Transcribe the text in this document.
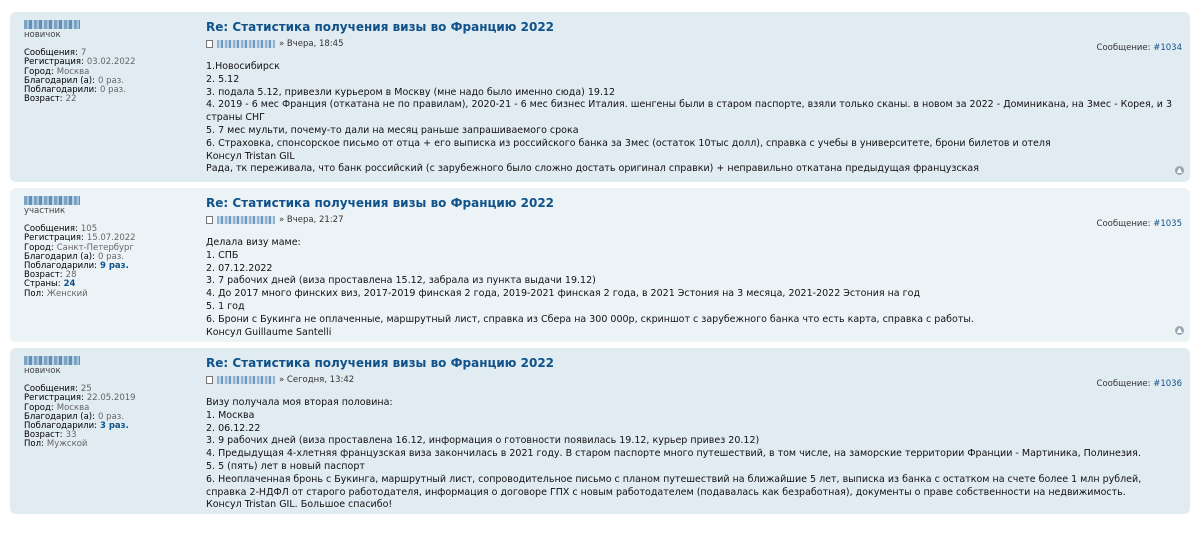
новичок
Сообщения: 7
Регистрация: 03.02.2022
Город: Москва
Благодарил (а): 0 раз.
Поблагодарили: 0 раз.
Возраст: 22
Re: Статистика получения визы во Францию 2022
» Вчера, 18:45	Сообщение: #1034
1.Новосибирск
2. 5.12
3. подала 5.12, привезли курьером в Москву (мне надо было именно сюда) 19.12
4. 2019 - 6 мес Франция (откатана не по правилам), 2020-21 - 6 мес бизнес Италия. шенгены были в старом паспорте, взяли только сканы. в новом за 2022 - Доминикана, на 3мес - Корея, и 3 страны СНГ
5. 7 мес мульти, почему-то дали на месяц раньше запрашиваемого срока
6. Страховка, спонсорское письмо от отца + его выписка из российского банка за 3мес (остаток 10тыс долл), справка с учебы в университете, брони билетов и отеля
Консул Tristan GIL
Рада, тк переживала, что банк российский (с зарубежного было сложно достать оригинал справки) + неправильно откатана предыдущая французская	▲
участник
Сообщения: 105
Регистрация: 15.07.2022
Город: Санкт-Петербург
Благодарил (а): 0 раз.
Поблагодарили: 9 раз.
Возраст: 28
Страны: 24
Пол: Женский
Re: Статистика получения визы во Францию 2022
» Вчера, 21:27	Сообщение: #1035
Делала визу маме:
1. СПБ
2. 07.12.2022
3. 7 рабочих дней (виза проставлена 15.12, забрала из пункта выдачи 19.12)
4. До 2017 много финских виз, 2017-2019 финская 2 года, 2019-2021 финская 2 года, в 2021 Эстония на 3 месяца, 2021-2022 Эстония на год
5. 1 год
6. Брони с Букинга не оплаченные, маршрутный лист, справка из Сбера на 300 000р, скриншот с зарубежного банка что есть карта, справка с работы.
Консул Guillaume Santelli	▲
новичок
Сообщения: 25
Регистрация: 22.05.2019
Город: Москва
Благодарил (а): 0 раз.
Поблагодарили: 3 раз.
Возраст: 33
Пол: Мужской
Re: Статистика получения визы во Францию 2022
» Сегодня, 13:42	Сообщение: #1036
Визу получала моя вторая половина:
1. Москва
2. 06.12.22
3. 9 рабочих дней (виза проставлена 16.12, информация о готовности появилась 19.12, курьер привез 20.12)
4. Предыдущая 4-хлетняя французская виза закончилась в 2021 году. В старом паспорте много путешествий, в том числе, на заморские территории Франции - Мартиника, Полинезия.
5. 5 (пять) лет в новый паспорт
6. Неоплаченная бронь с Букинга, маршрутный лист, сопроводительное письмо с планом путешествий на ближайшие 5 лет, выписка из банка с остатком на счете более 1 млн рублей, справка 2-НДФЛ от старого работодателя, информация о договоре ГПХ с новым работодателем (подавалась как безработная), документы о праве собственности на недвижимость.
Консул Tristan GIL. Большое спасибо!
